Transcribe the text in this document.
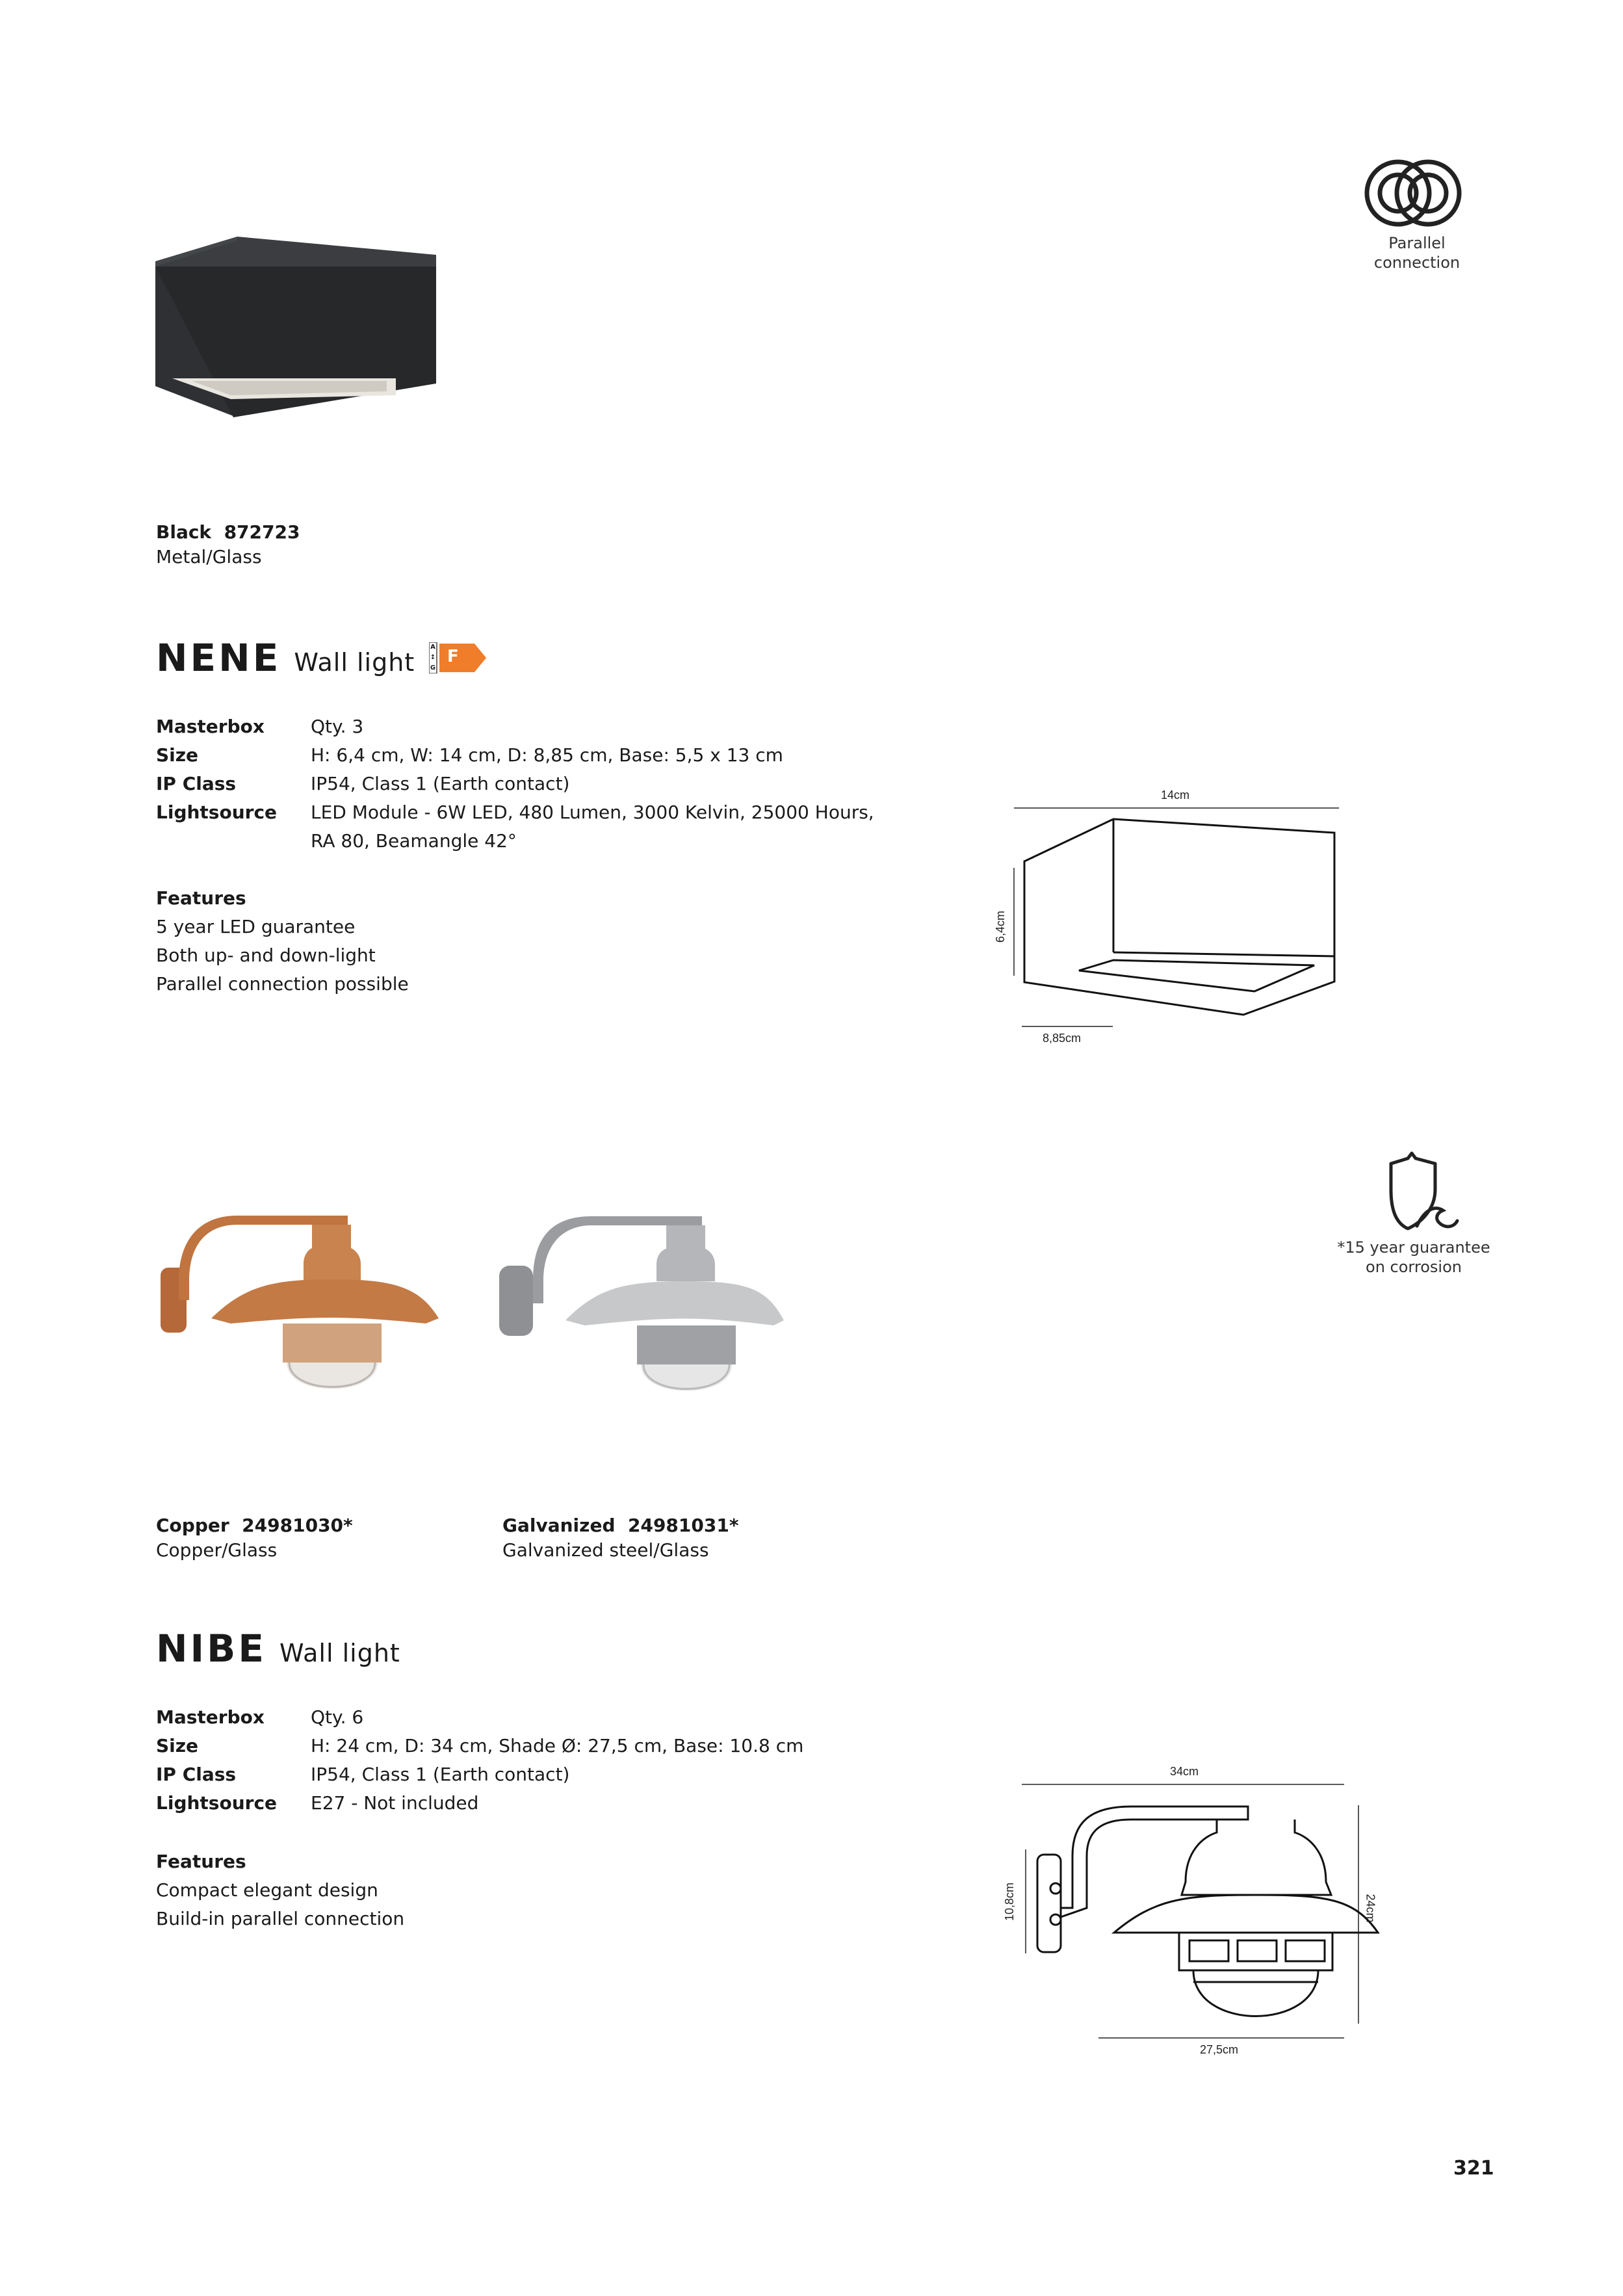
Parallel
connection
Black 872723
Metal/Glass
NENE Wall light
A
↕
G
F
Masterbox	Qty. 3
Size	H: 6,4 cm, W: 14 cm, D: 8,85 cm, Base: 5,5 x 13 cm
IP Class	IP54, Class 1 (Earth contact)
Lightsource	LED Module - 6W LED, 480 Lumen, 3000 Kelvin, 25000 Hours,
RA 80, Beamangle 42°
Features
5 year LED guarantee
Both up- and down-light
Parallel connection possible
14cm
6,4cm
8,85cm
*15 year guarantee
on corrosion
Copper 24981030*
Copper/Glass
Galvanized 24981031*
Galvanized steel/Glass
NIBE Wall light
Masterbox	Qty. 6
Size	H: 24 cm, D: 34 cm, Shade Ø: 27,5 cm, Base: 10.8 cm
IP Class	IP54, Class 1 (Earth contact)
Lightsource	E27 - Not included
Features
Compact elegant design
Build-in parallel connection
34cm
10,8cm	24cm
27,5cm
321
